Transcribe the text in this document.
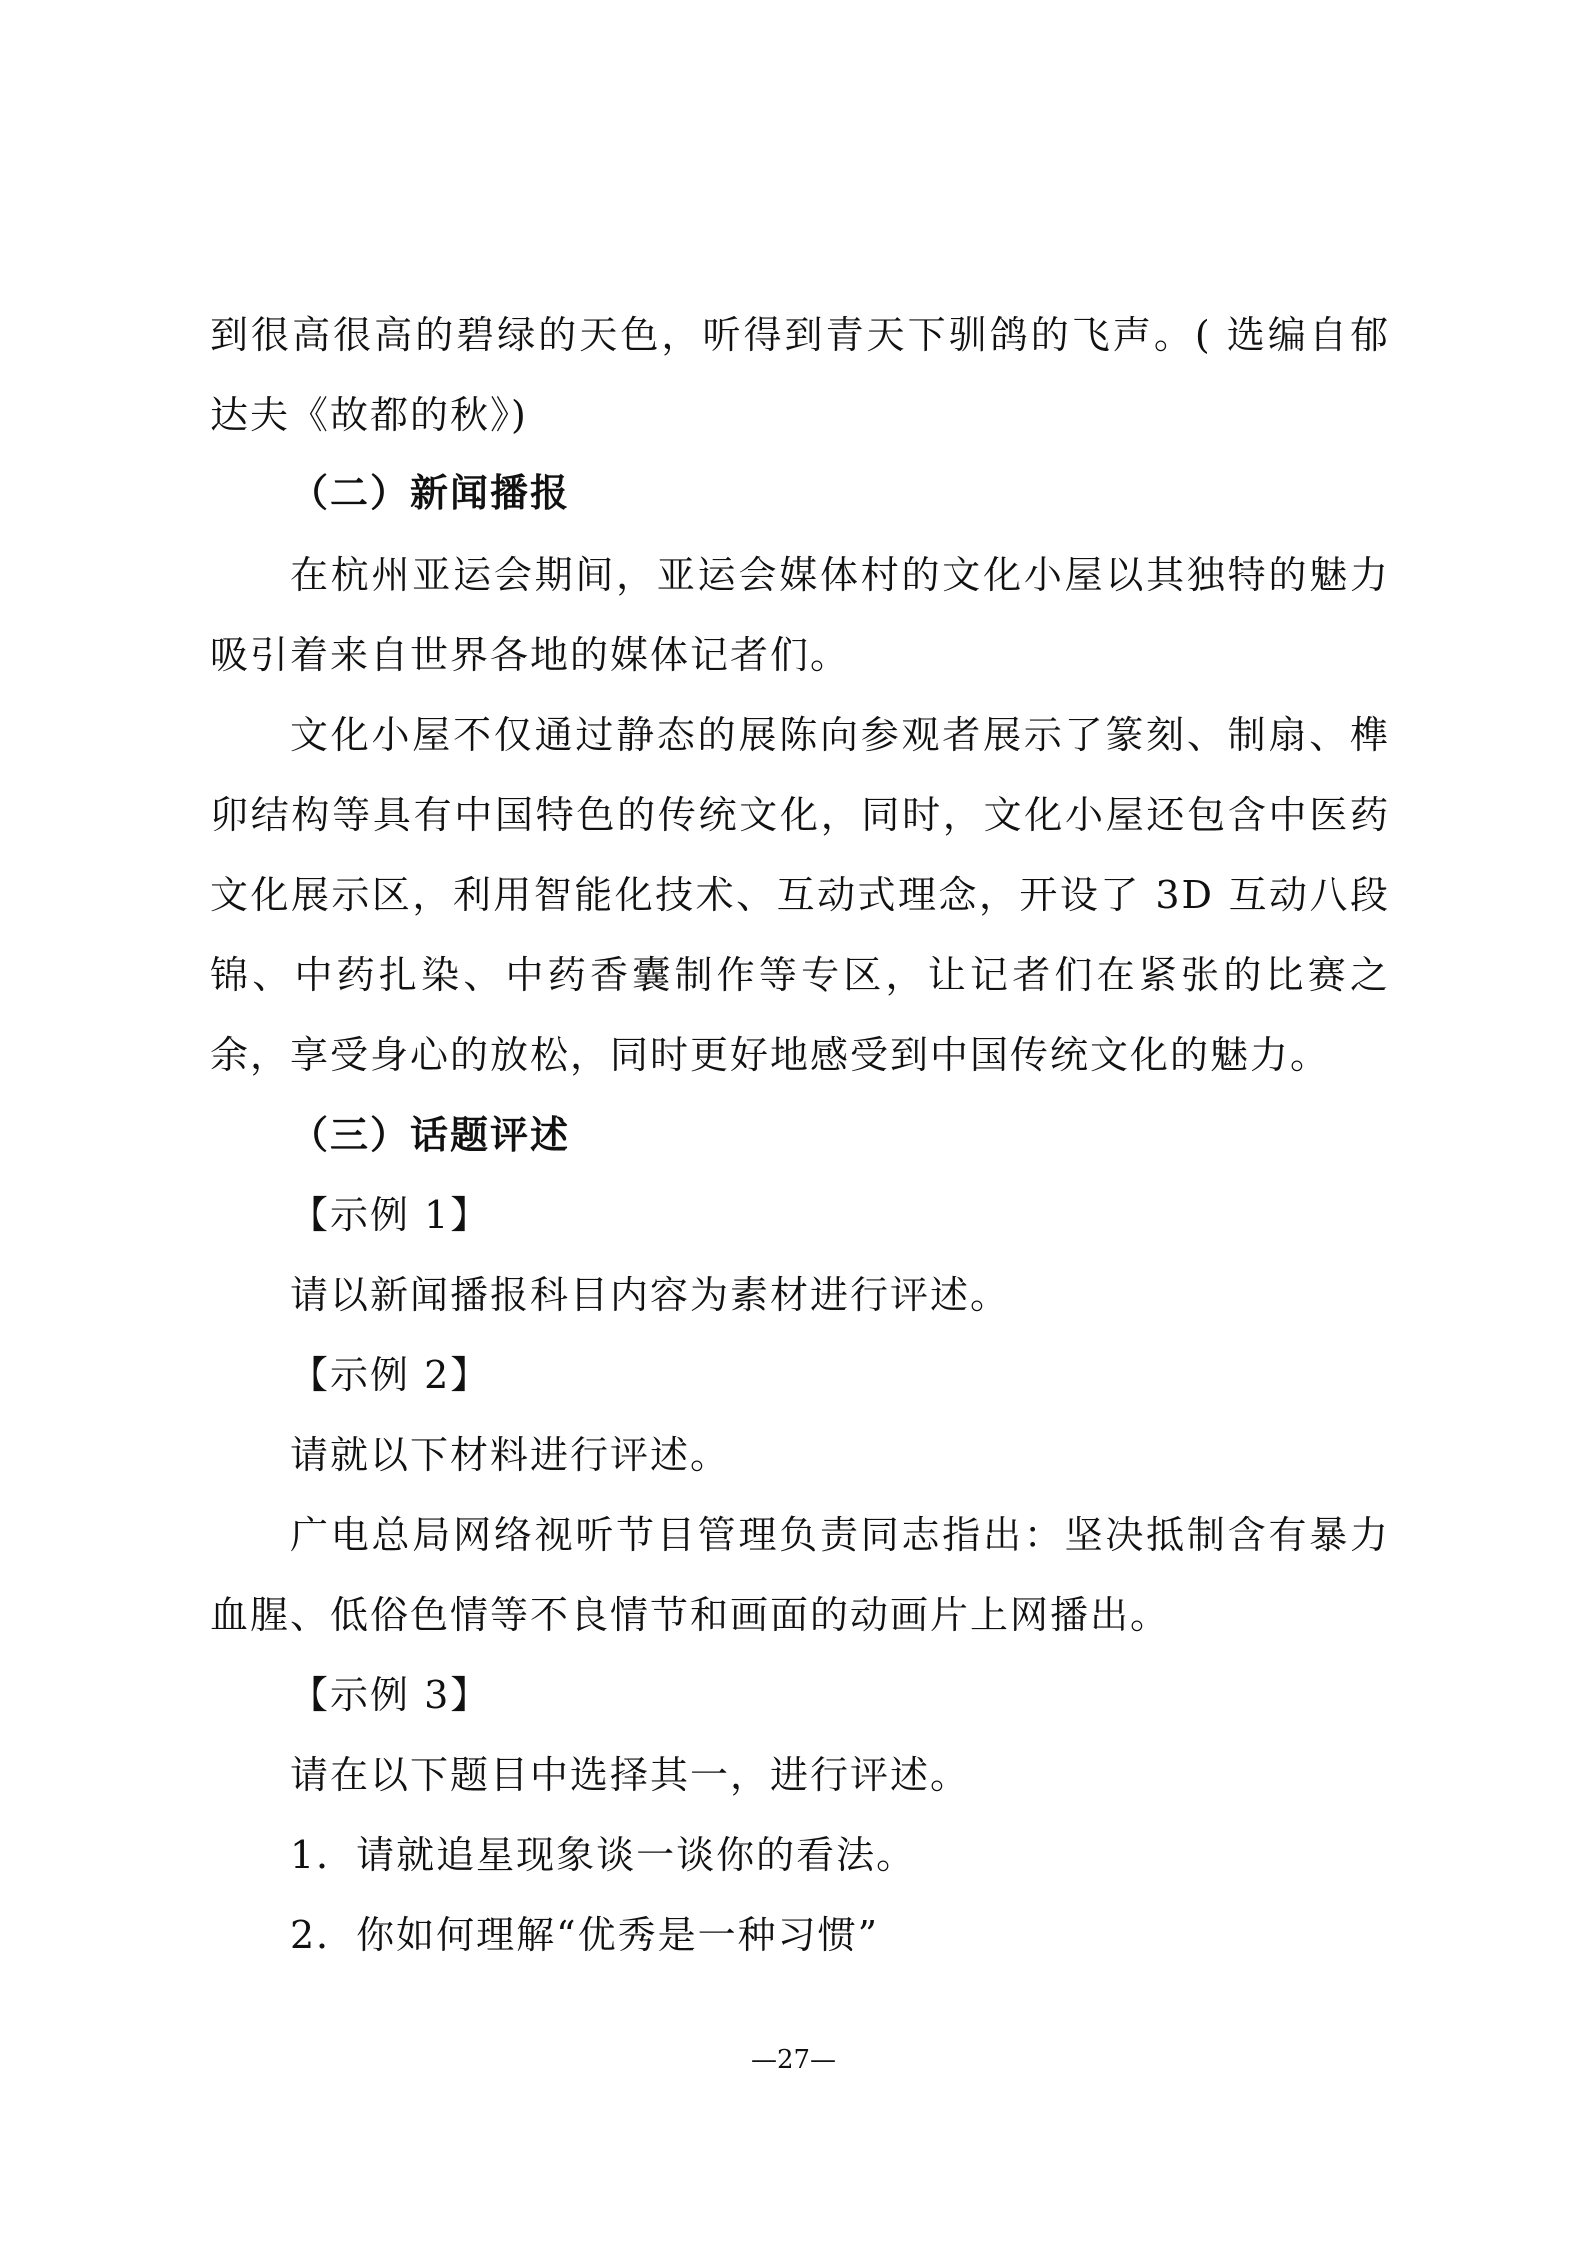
到很高很高的碧绿的天色，听得到青天下驯鸽的飞声。( 选编自郁达夫《故都的秋》)
（二）新闻播报
在杭州亚运会期间，亚运会媒体村的文化小屋以其独特的魅力吸引着来自世界各地的媒体记者们。
文化小屋不仅通过静态的展陈向参观者展示了篆刻、制扇、榫卯结构等具有中国特色的传统文化，同时，文化小屋还包含中医药文化展示区，利用智能化技术、互动式理念，开设了 3D 互动八段锦、中药扎染、中药香囊制作等专区，让记者们在紧张的比赛之余，享受身心的放松，同时更好地感受到中国传统文化的魅力。
（三）话题评述
【示例 1】
请以新闻播报科目内容为素材进行评述。
【示例 2】
请就以下材料进行评述。
广电总局网络视听节目管理负责同志指出：坚决抵制含有暴力血腥、低俗色情等不良情节和画面的动画片上网播出。
【示例 3】
请在以下题目中选择其一，进行评述。
1．请就追星现象谈一谈你的看法。
2．你如何理解“优秀是一种习惯”
—27—
